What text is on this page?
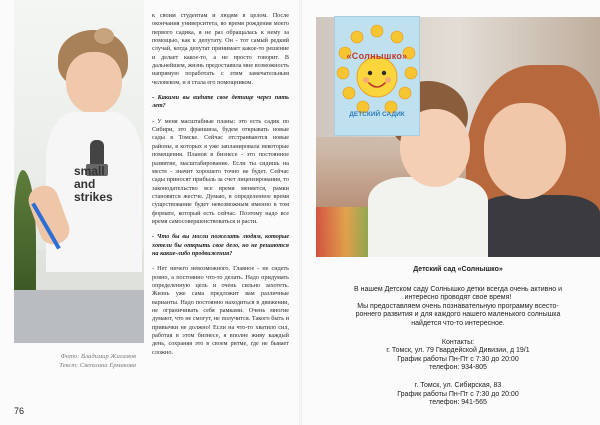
small
and
strikes
Фото: Владимир Жигамов
Текст: Светлана Ермакова

к своим студентам и людям в целом. После окончания университета, во время рождения моего первого садика, я не раз обращалась к нему за помощью, как к депутату. Он - тот самый редкий случай, когда депутат принимает какое-то решение и делает какое-то, а не просто говорит. В дальнейшем, жизнь предоставила мне возможность напрямую поработать с этим замечательным человеком, и я стала его помощником.

- Какими вы видите свое детище через пять лет?

- У меня масштабные планы: это есть садик по Сибири, это франшиза, будем открывать новые сады в Томске. Сейчас отстраиваются новые районы, в которых я уже запланировала некоторые помещения. Планов в бизнесе - это постоянное развитие, масштабирование. Если ты сидишь на месте - значит хорошего точно не будет. Сейчас сады приносят прибыль за счет лицензирования, то законодательство все время меняется, рамки становятся жестче. Думаю, в определенное время существование будет невозможным именно в том формате, который есть сейчас. Поэтому надо все время самосовершенствоваться и расти.

- Что бы вы могли пожелать людям, которые хотели бы открыть свое дело, но не решаются на какие-либо продвижения?

- Нет ничего невозможного. Главное - не сидеть ровно, а постоянно что-то делать. Надо придумать определенную цель и очень сильно захотеть. Жизнь уже сама предложит вам различные варианты. Надо постоянно находиться в движении, не ограничивать себя рамками. Очень многие думают, что не смогут, не получится. Такого быть и привычки не должно! Если на что-то хватило сил, работая в этом бизнесе, я вполне живу каждый день, сохраняя это в своем ритме, где не бывает сложно.

76
«Солнышко»
ДЕТСКИЙ САДИК
Детский сад «Солнышко»
В нашем Детском саду Солнышко детки всегда очень активно и
интересно проводят свое время!
Мы предоставляем очень познавательную программу всесто-
роннего развития и для каждого нашего маленького солнышка
найдется что-то интересное.
Контакты:
г. Томск, ул. 79 Гвардейской Дивизии, д 19/1
График работы Пн-Пт с 7:30 до 20:00
телефон: 934-805
г. Томск, ул. Сибирская, 83
График работы Пн-Пт с 7:30 до 20:00
телефон: 941-565
